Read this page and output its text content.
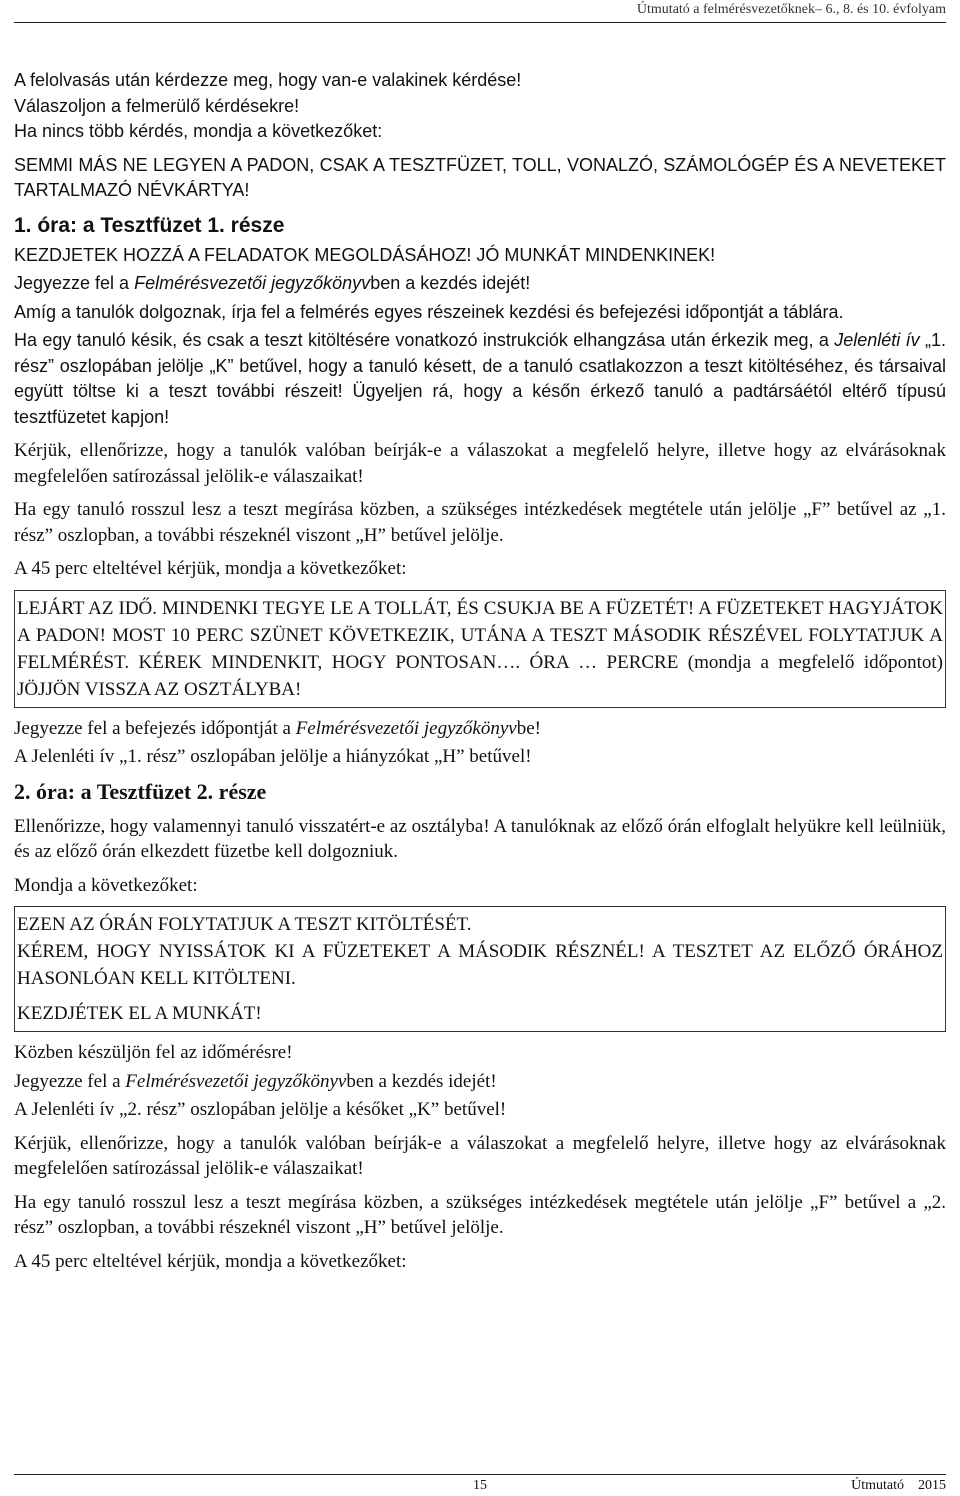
Útmutató a felmérésvezetőknek– 6., 8. és 10. évfolyam

A felolvasás után kérdezze meg, hogy van-e valakinek kérdése!

Válaszoljon a felmerülő kérdésekre!

Ha nincs több kérdés, mondja a következőket:

SEMMI MÁS NE LEGYEN A PADON, CSAK A TESZTFÜZET, TOLL, VONALZÓ, SZÁMOLÓGÉP ÉS A NEVETEKET TARTALMAZÓ NÉVKÁRTYA!

1. óra: a Tesztfüzet 1. része

KEZDJETEK HOZZÁ A FELADATOK MEGOLDÁSÁHOZ! JÓ MUNKÁT MINDENKINEK!

Jegyezze fel a Felmérésvezetői jegyzőkönyvben a kezdés idejét!

Amíg a tanulók dolgoznak, írja fel a felmérés egyes részeinek kezdési és befejezési időpontját a táblára.

Ha egy tanuló késik, és csak a teszt kitöltésére vonatkozó instrukciók elhangzása után érkezik meg, a Jelenléti ív „1. rész” oszlopában jelölje „K” betűvel, hogy a tanuló késett, de a tanuló csatlakozzon a teszt kitöltéséhez, és társaival együtt töltse ki a teszt további részeit! Ügyeljen rá, hogy a későn érkező tanuló a padtársáétól eltérő típusú tesztfüzetet kapjon!

Kérjük, ellenőrizze, hogy a tanulók valóban beírják-e a válaszokat a megfelelő helyre, illetve hogy az elvárásoknak megfelelően satírozással jelölik-e válaszaikat!

Ha egy tanuló rosszul lesz a teszt megírása közben, a szükséges intézkedések megtétele után jelölje „F” betűvel az „1. rész” oszlopban, a további részeknél viszont „H” betűvel jelölje.

A 45 perc elteltével kérjük, mondja a következőket:

LEJÁRT AZ IDŐ. MINDENKI TEGYE LE A TOLLÁT, ÉS CSUKJA BE A FÜZETÉT! A FÜZETEKET HAGYJÁTOK A PADON! MOST 10 PERC SZÜNET KÖVETKEZIK, UTÁNA A TESZT MÁSODIK RÉSZÉVEL FOLYTATJUK A FELMÉRÉST. KÉREK MINDENKIT, HOGY PONTOSAN…. ÓRA … PERCRE (mondja a megfelelő időpontot) JÖJJÖN VISSZA AZ OSZTÁLYBA!

Jegyezze fel a befejezés időpontját a Felmérésvezetői jegyzőkönyvbe!

A Jelenléti ív „1. rész” oszlopában jelölje a hiányzókat „H” betűvel!

2. óra: a Tesztfüzet 2. része

Ellenőrizze, hogy valamennyi tanuló visszatért-e az osztályba! A tanulóknak az előző órán elfoglalt helyükre kell leülniük, és az előző órán elkezdett füzetbe kell dolgozniuk.

Mondja a következőket:

EZEN AZ ÓRÁN FOLYTATJUK A TESZT KITÖLTÉSÉT.

KÉREM, HOGY NYISSÁTOK KI A FÜZETEKET A MÁSODIK RÉSZNÉL! A TESZTET AZ ELŐZŐ ÓRÁHOZ HASONLÓAN KELL KITÖLTENI.

KEZDJÉTEK EL A MUNKÁT!

Közben készüljön fel az időmérésre!

Jegyezze fel a Felmérésvezetői jegyzőkönyvben a kezdés idejét!

A Jelenléti ív „2. rész” oszlopában jelölje a későket „K” betűvel!

Kérjük, ellenőrizze, hogy a tanulók valóban beírják-e a válaszokat a megfelelő helyre, illetve hogy az elvárásoknak megfelelően satírozással jelölik-e válaszaikat!

Ha egy tanuló rosszul lesz a teszt megírása közben, a szükséges intézkedések megtétele után jelölje „F” betűvel a „2. rész” oszlopban, a további részeknél viszont „H” betűvel jelölje.

A 45 perc elteltével kérjük, mondja a következőket:

15	Útmutató    2015
